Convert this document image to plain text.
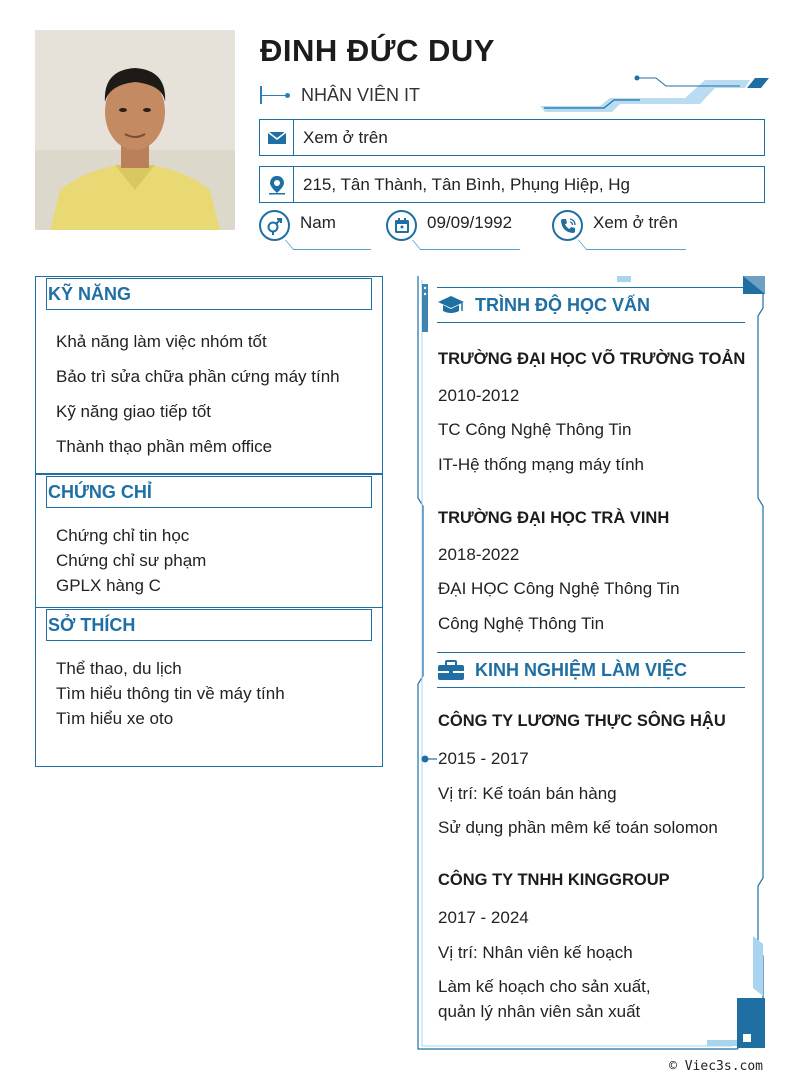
ĐINH ĐỨC DUY
NHÂN VIÊN IT
Xem ở trên
215, Tân Thành, Tân Bình, Phụng Hiệp, Hg
Nam	09/09/1992	Xem ở trên
KỸ NĂNG
Khả năng làm việc nhóm tốt
Bảo trì sửa chữa phần cứng máy tính
Kỹ năng giao tiếp tốt
Thành thạo phần mêm office
CHỨNG CHỈ
Chứng chỉ tin học
Chứng chỉ sư phạm
GPLX hàng C
SỞ THÍCH
Thể thao, du lịch
Tìm hiểu thông tin về máy tính
Tìm hiểu xe oto
TRÌNH ĐỘ HỌC VẤN
TRƯỜNG ĐẠI HỌC VÕ TRƯỜNG TOẢN
2010-2012
TC Công Nghệ Thông Tin
IT-Hệ thống mạng máy tính
TRƯỜNG ĐẠI HỌC TRÀ VINH
2018-2022
ĐẠI HỌC Công Nghệ Thông Tin
Công Nghệ Thông Tin
KINH NGHIỆM LÀM VIỆC
CÔNG TY LƯƠNG THỰC SÔNG HẬU
2015 - 2017
Vị trí: Kế toán bán hàng
Sử dụng phần mêm kế toán solomon
CÔNG TY TNHH KINGGROUP
2017 - 2024
Vị trí: Nhân viên kế hoạch
Làm kế hoạch cho sản xuất,
quản lý nhân viên sản xuất
© Viec3s.com
